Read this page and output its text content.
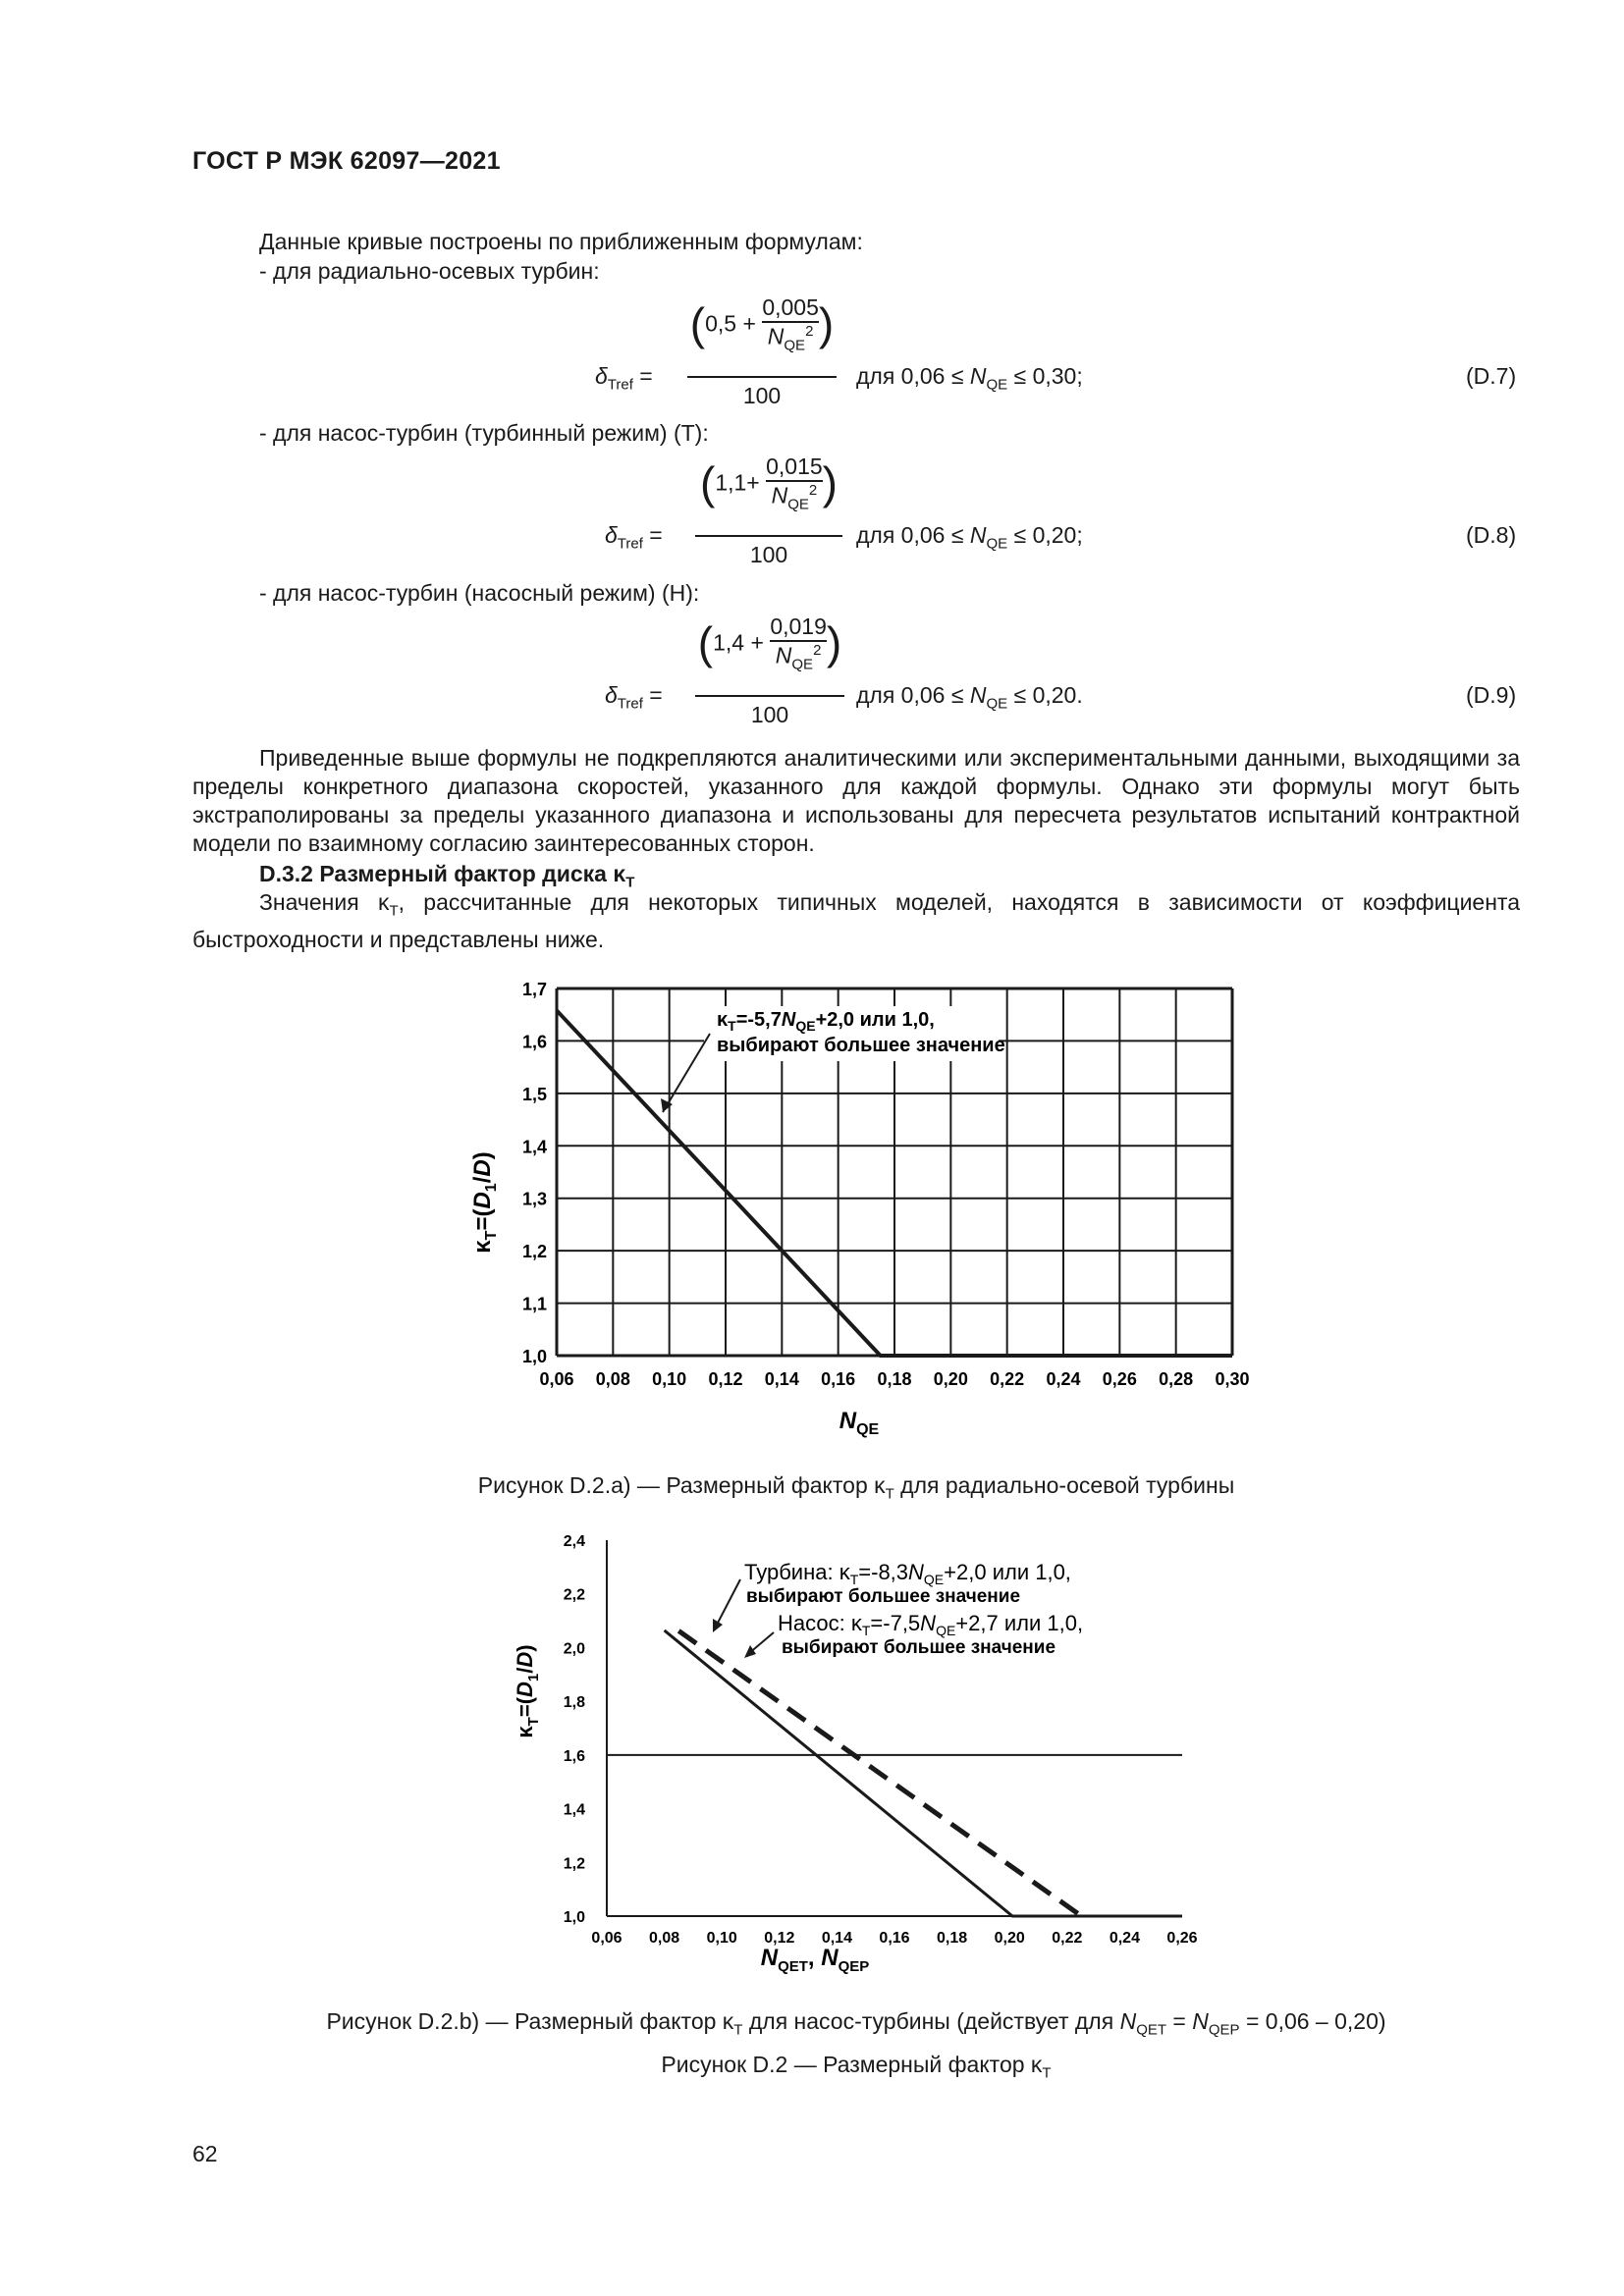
ГОСТ Р МЭК 62097—2021
Данные кривые построены по приближенным формулам:
- для радиально-осевых турбин:
$\delta_{Tref}$ =
($0,5 + \frac{0,005}{N_{QE}^2}$ )
100
для $0,06 \le N_{QE} \le 0,30$;	(D.7)
- для насос-турбин (турбинный режим) (Т):
$\delta_{Tref}$ =
($1,1+ \frac{0,015}{N_{QE}^2}$ )
100
для $0,06 \le N_{QE} \le 0,20$;	(D.8)
- для насос-турбин (насосный режим) (Н):
$\delta_{Tref}$ =
($1,4 + \frac{0,019}{N_{QE}^2}$ )
100
для $0,06 \le N_{QE} \le 0,20$.	(D.9)
Приведенные выше формулы не подкрепляются аналитическими или экспериментальными данными, выходящими за пределы конкретного диапазона скоростей, указанного для каждой формулы. Однако эти формулы могут быть экстраполированы за пределы указанного диапазона и использованы для пересчета результатов испытаний контрактной модели по взаимному согласию заинтересованных сторон.
D.3.2 Размерный фактор диска $\kappa_T$
Значения $\kappa_T$, рассчитанные для некоторых типичных моделей, находятся в зависимости от коэффициента быстроходности и представлены ниже.
0,06 0,08 0,10 0,12 0,14 0,16 0,18 0,20 0,22 0,24 0,26 0,28 0,30
1,0
1,1
1,2
1,3
1,4
1,5
1,6
1,7
$\kappa_T=-5,7N_{QE}+2,0$ или 1,0,
выбирают большее значение
$\kappa_T=(D_1/D)$
$N_{QE}$
Рисунок D.2.a) — Размерный фактор $\kappa_T$ для радиально-осевой турбины
0,06 0,08 0,10 0,12 0,14 0,16 0,18 0,20 0,22 0,24 0,26
1,0
1,2
1,4
1,6
1,8
2,0
2,2
2,4
Турбина: $\kappa_T=-8,3N_{QE}+2,0$ или 1,0,
выбирают большее значение
Насос: $\kappa_T=-7,5N_{QE}+2,7$ или 1,0,
выбирают большее значение
$\kappa_T=(D_1/D)$
$N_{QET}$, $N_{QEP}$
Рисунок D.2.b) — Размерный фактор $\kappa_T$ для насос-турбины (действует для $N_{QET} = N_{QEP} = 0,06 - 0,20$)
Рисунок D.2 — Размерный фактор $\kappa_T$
62
